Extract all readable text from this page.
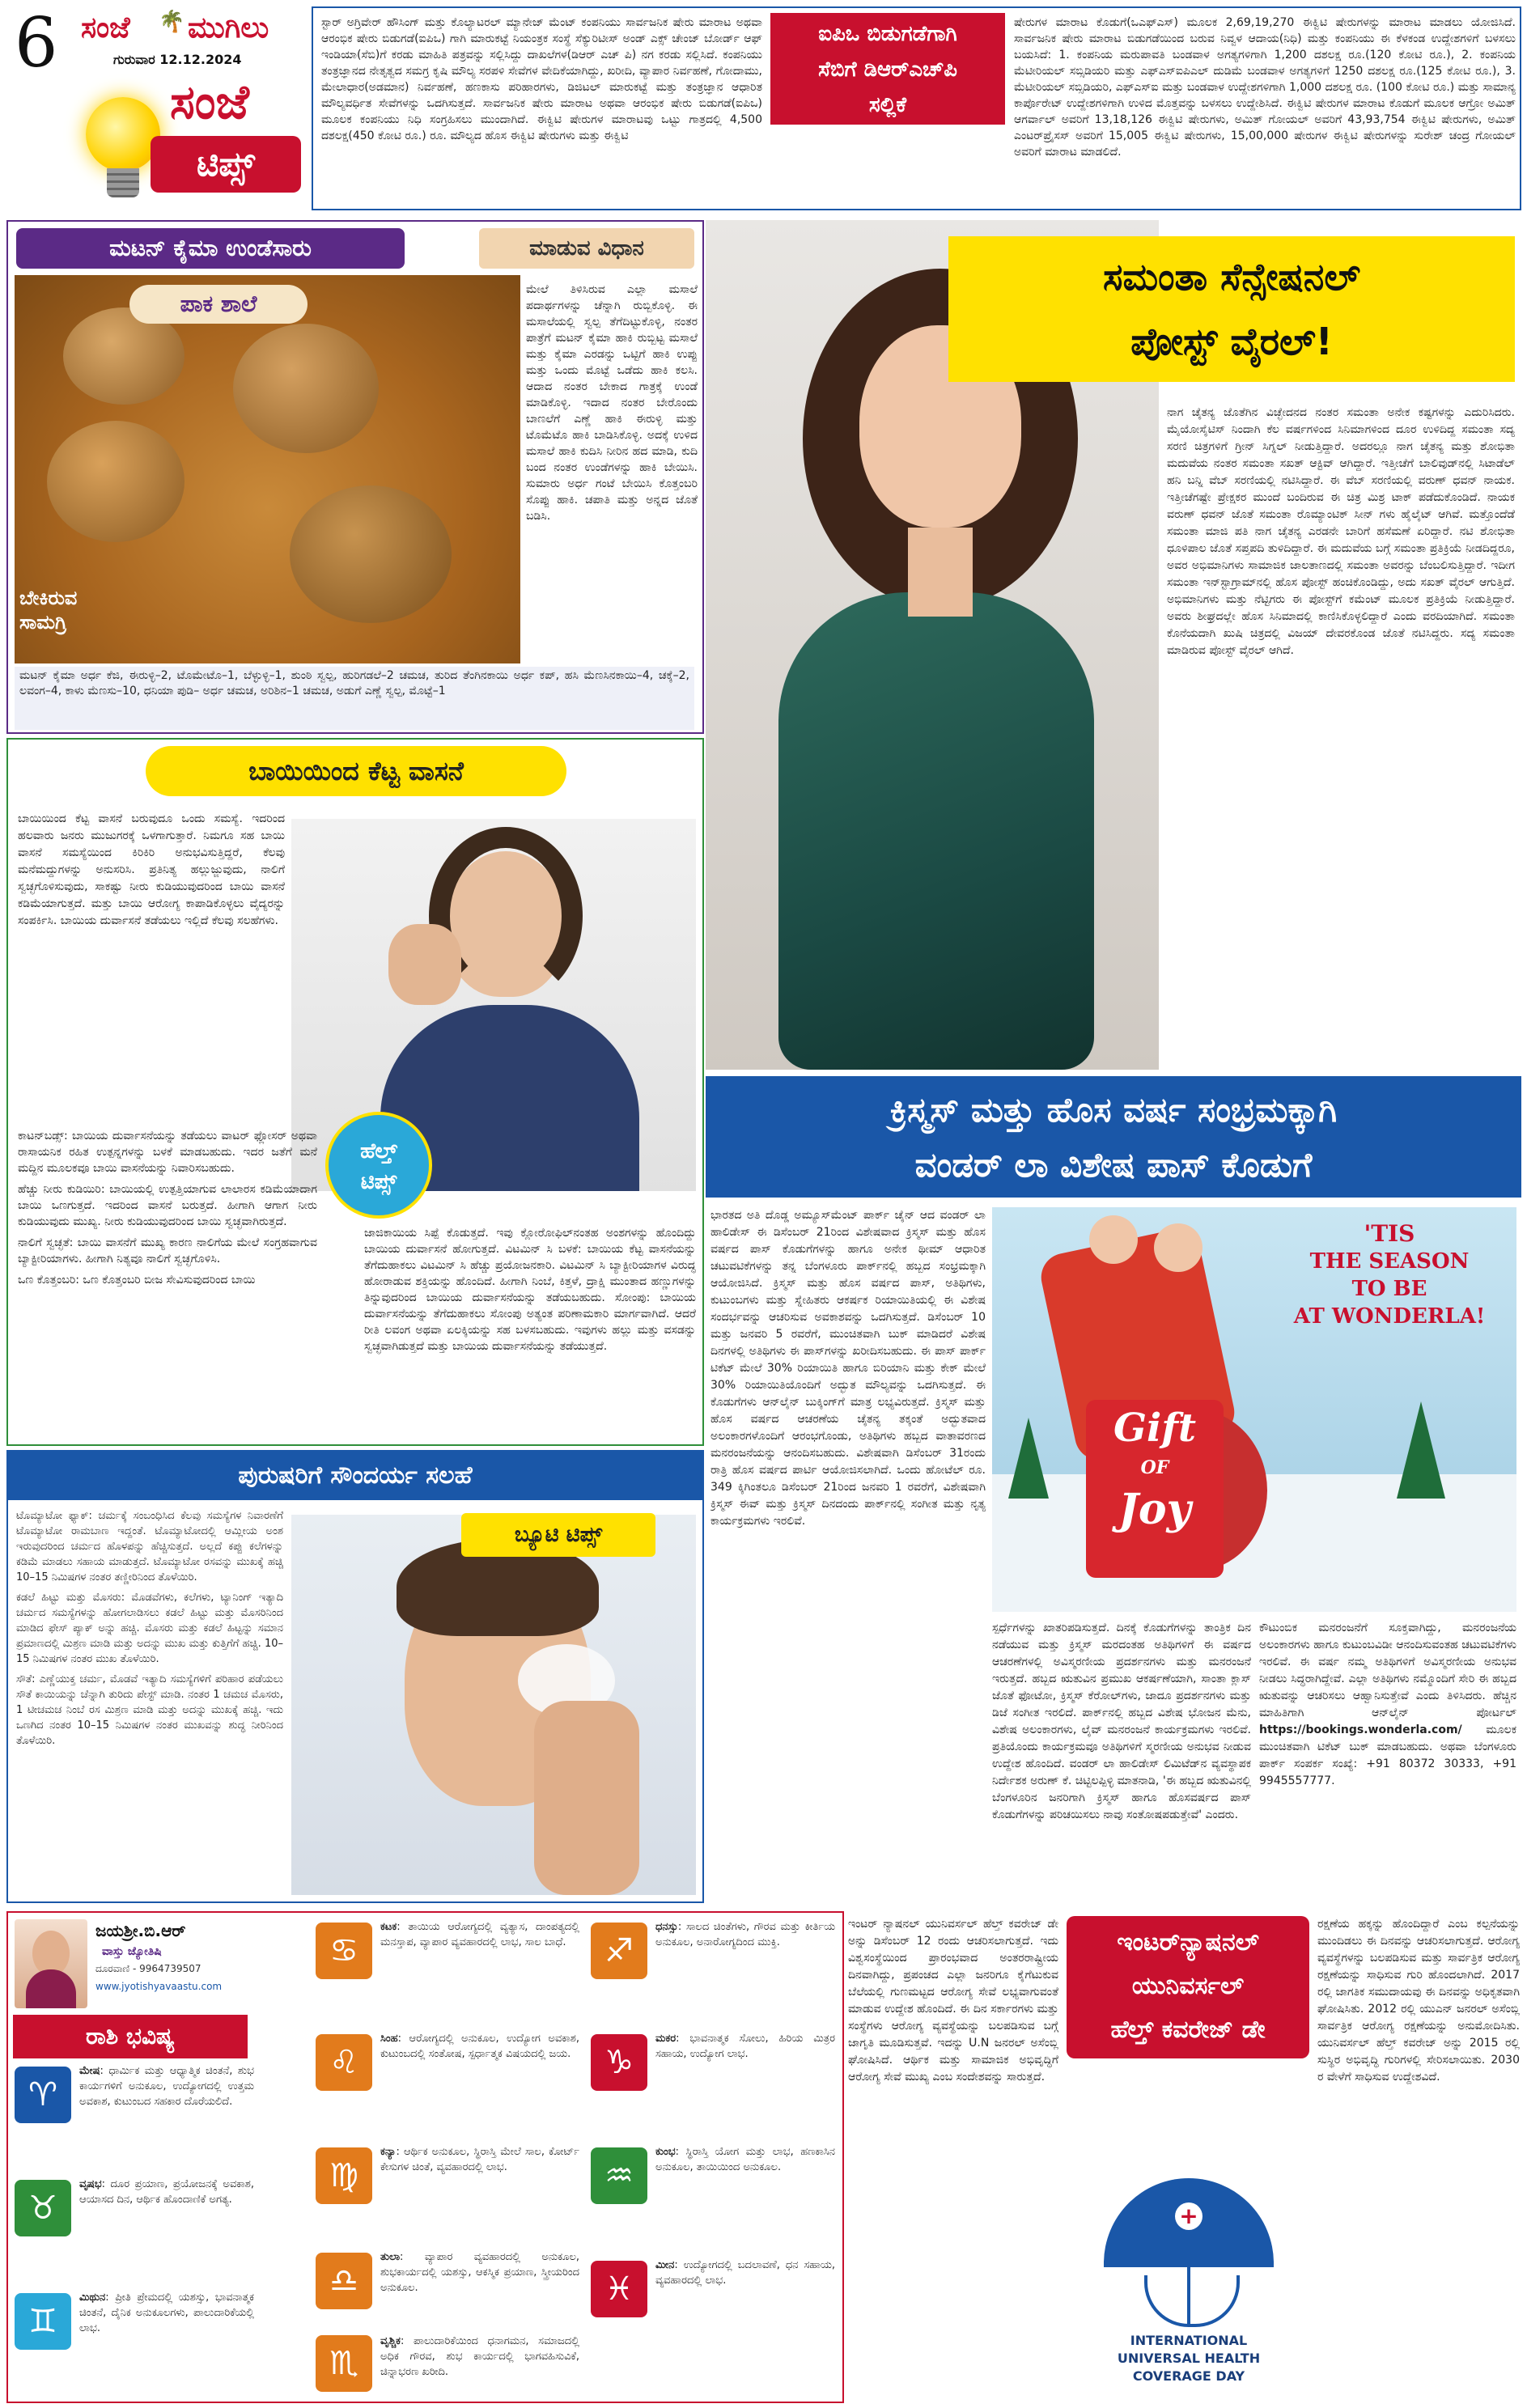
6 ಸಂಜೆ 🌴 ಮುಗಿಲು
ಗುರುವಾರ 12.12.2024
ಸಂಜೆ
ಟಿಪ್ಸ್
ಸ್ಟಾರ್ ಅಗ್ರಿವೇರ್ ಹೌಸಿಂಗ್ ಮತ್ತು ಕೊಲ್ಯಾಟರಲ್ ಮ್ಯಾನೇಜ್ ಮೆಂಟ್ ಕಂಪನಿಯು ಸಾರ್ವಜನಿಕ ಷೇರು ಮಾರಾಟ ಅಥವಾ ಆರಂಭಿಕ ಷೇರು ಬಿಡುಗಡೆ(ಐಪಿಒ) ಗಾಗಿ ಮಾರುಕಟ್ಟೆ ನಿಯಂತ್ರಕ ಸಂಸ್ಥೆ ಸೆಕ್ಯುರಿಟೀಸ್ ಅಂಡ್ ಎಕ್ಸ್ ಚೇಂಜ್ ಬೋರ್ಡ್ ಆಫ್ ಇಂಡಿಯಾ(ಸೆಬಿ)ಗೆ ಕರಡು ಮಾಹಿತಿ ಪತ್ರವನ್ನು ಸಲ್ಲಿಸಿದ್ದು ದಾಖಲೆಗಳ(ಡಿಆರ್ ಎಚ್ ಪಿ) ನಗ ಕರಡು ಸಲ್ಲಿಸಿದೆ. ಕಂಪನಿಯು ತಂತ್ರಜ್ಞಾನದ ನೇತೃತ್ವದ ಸಮಗ್ರ ಕೃಷಿ ಮೌಲ್ಯ ಸರಪಳಿ ಸೇವೆಗಳ ವೇದಿಕೆಯಾಗಿದ್ದು, ಖರೀದಿ, ವ್ಯಾಪಾರ ನಿರ್ವಹಣೆ, ಗೋದಾಮು, ಮೇಲಾಧಾರ(ಅಡಮಾನ) ನಿರ್ವಹಣೆ, ಹಣಕಾಸು ಪರಿಹಾರಗಳು, ಡಿಜಿಟಲ್ ಮಾರುಕಟ್ಟೆ ಮತ್ತು ತಂತ್ರಜ್ಞಾನ ಆಧಾರಿತ ಮೌಲ್ಯವರ್ಧಿತ ಸೇವೆಗಳನ್ನು ಒದಗಿಸುತ್ತದೆ. ಸಾರ್ವಜನಿಕ ಷೇರು ಮಾರಾಟ ಅಥವಾ ಆರಂಭಿಕ ಷೇರು ಬಿಡುಗಡೆ(ಐಪಿಒ) ಮೂಲಕ ಕಂಪನಿಯು ನಿಧಿ ಸಂಗ್ರಹಿಸಲು ಮುಂದಾಗಿದೆ. ಈಕ್ವಿಟಿ ಷೇರುಗಳ ಮಾರಾಟವು ಒಟ್ಟು ಗಾತ್ರದಲ್ಲಿ 4,500 ದಶಲಕ್ಷ(450 ಕೋಟಿ ರೂ.) ರೂ. ಮೌಲ್ಯದ ಹೊಸ ಈಕ್ವಿಟಿ ಷೇರುಗಳು ಮತ್ತು ಈಕ್ವಿಟಿ
ಐಪಿಒ ಬಿಡುಗಡೆಗಾಗಿ
ಸೆಬಿಗೆ ಡಿಆರ್‌ಎಚ್‌ಪಿ
ಸಲ್ಲಿಕೆ
ಷೇರುಗಳ ಮಾರಾಟ ಕೊಡುಗೆ(ಒಎಫ್ಎಸ್) ಮೂಲಕ 2,69,19,270 ಈಕ್ವಿಟಿ ಷೇರುಗಳನ್ನು ಮಾರಾಟ ಮಾಡಲು ಯೋಜಿಸಿದೆ. ಸಾರ್ವಜನಿಕ ಷೇರು ಮಾರಾಟ ಬಿಡುಗಡೆಯಿಂದ ಬರುವ ನಿವ್ವಳ ಆದಾಯ(ನಿಧಿ) ಮತ್ತು ಕಂಪನಿಯು ಈ ಕೆಳಕಂಡ ಉದ್ದೇಶಗಳಿಗೆ ಬಳಸಲು ಬಯಸಿದೆ: 1. ಕಂಪನಿಯ ಮರುಪಾವತಿ ಬಂಡವಾಳ ಅಗತ್ಯಗಳಿಗಾಗಿ 1,200 ದಶಲಕ್ಷ ರೂ.(120 ಕೋಟಿ ರೂ.), 2. ಕಂಪನಿಯ ಮೆಟೀರಿಯಲ್ ಸಬ್ಸಿಡಿಯರಿ ಮತ್ತು ಎಫ್‌ಎಸ್‌ಐಪಿಎಲ್ ದುಡಿಮೆ ಬಂಡವಾಳ ಅಗತ್ಯಗಳಿಗೆ 1250 ದಶಲಕ್ಷ ರೂ.(125 ಕೋಟಿ ರೂ.), 3. ಮೆಟೀರಿಯಲ್ ಸಬ್ಸಿಡಿಯರಿ, ಎಫ್ಎಸ್ಐ ಮತ್ತು ಬಂಡವಾಳ ಉದ್ದೇಶಗಳಿಗಾಗಿ 1,000 ದಶಲಕ್ಷ ರೂ. (100 ಕೋಟಿ ರೂ.) ಮತ್ತು ಸಾಮಾನ್ಯ ಕಾರ್ಪೊರೇಟ್ ಉದ್ದೇಶಗಳಿಗಾಗಿ ಉಳಿದ ಮೊತ್ತವನ್ನು ಬಳಸಲು ಉದ್ದೇಶಿಸಿದೆ. ಈಕ್ವಿಟಿ ಷೇರುಗಳ ಮಾರಾಟ ಕೊಡುಗೆ ಮೂಲಕ ಆಗ್ರೋ ಅಮಿತ್ ಆಗರ್ವಾಲ್ ಅವರಿಗೆ 13,18,126 ಈಕ್ವಿಟಿ ಷೇರುಗಳು, ಅಮಿತ್ ಗೋಯಲ್ ಅವರಿಗೆ 43,93,754 ಈಕ್ವಿಟಿ ಷೇರುಗಳು, ಅಮಿತ್ ಎಂಟರ್‌ಪ್ರೈಸಸ್ ಅವರಿಗೆ 15,005 ಈಕ್ವಿಟಿ ಷೇರುಗಳು, 15,00,000 ಷೇರುಗಳ ಈಕ್ವಿಟಿ ಷೇರುಗಳನ್ನು ಸುರೇಶ್ ಚಂದ್ರ ಗೋಯಲ್ ಅವರಿಗೆ ಮಾರಾಟ ಮಾಡಲಿದೆ.
ಮಟನ್ ಕೈಮಾ ಉಂಡೆಸಾರು	ಮಾಡುವ ವಿಧಾನ
ಪಾಕ ಶಾಲೆ
ಬೇಕಿರುವ
ಸಾಮಗ್ರಿ
ಮೇಲೆ ತಿಳಿಸಿರುವ ಎಲ್ಲಾ ಮಸಾಲೆ ಪದಾರ್ಥಗಳನ್ನು ಚೆನ್ನಾಗಿ ರುಬ್ಬಿಕೊಳ್ಳಿ. ಈ ಮಸಾಲೆಯಲ್ಲಿ ಸ್ವಲ್ಪ ತೆಗೆದಿಟ್ಟುಕೊಳ್ಳಿ, ನಂತರ ಪಾತ್ರೆಗೆ ಮಟನ್ ಕೈಮಾ ಹಾಕಿ ರುಬ್ಬಿಟ್ಟ ಮಸಾಲೆ ಮತ್ತು ಕೈಮಾ ಎರಡನ್ನು ಒಟ್ಟಿಗೆ ಹಾಕಿ ಉಪ್ಪು ಮತ್ತು ಒಂದು ಮೊಟ್ಟೆ ಒಡೆದು ಹಾಕಿ ಕಲಸಿ. ಆದಾದ ನಂತರ ಬೇಕಾದ ಗಾತ್ರಕ್ಕೆ ಉಂಡೆ ಮಾಡಿಕೊಳ್ಳಿ. ಇದಾದ ನಂತರ ಬೇರೊಂದು ಬಾಣಲೆಗೆ ಎಣ್ಣೆ ಹಾಕಿ ಈರುಳ್ಳಿ ಮತ್ತು ಟೊಮೆಟೊ ಹಾಕಿ ಬಾಡಿಸಿಕೊಳ್ಳಿ. ಅದಕ್ಕೆ ಉಳಿದ ಮಸಾಲೆ ಹಾಕಿ ಕುದಿಸಿ ನೀರಿನ ಹದ ಮಾಡಿ, ಕುದಿ ಬಂದ ನಂತರ ಉಂಡೆಗಳನ್ನು ಹಾಕಿ ಬೇಯಿಸಿ. ಸುಮಾರು ಅರ್ಧ ಗಂಟೆ ಬೇಯಿಸಿ ಕೊತ್ತಂಬರಿ ಸೊಪ್ಪು ಹಾಕಿ. ಚಪಾತಿ ಮತ್ತು ಅನ್ನದ ಜೊತೆ ಬಡಿಸಿ.
ಮಟನ್ ಕೈಮಾ ಅರ್ಧ ಕೆಜಿ, ಈರುಳ್ಳಿ–2, ಟೊಮೇಟೊ–1, ಬೆಳ್ಳುಳ್ಳಿ–1, ಶುಂಠಿ ಸ್ವಲ್ಪ, ಹುರಿಗಡಲೆ–2 ಚಮಚ, ತುರಿದ ತೆಂಗಿನಕಾಯಿ ಅರ್ಧ ಕಪ್, ಹಸಿ ಮೆಣಸಿನಕಾಯಿ–4, ಚಕ್ಕೆ–2, ಲವಂಗ–4, ಕಾಳು ಮೆಣಸು–10, ಧನಿಯಾ ಪುಡಿ– ಅರ್ಧ ಚಮಚ, ಅರಿಶಿನ–1 ಚಮಚ, ಅಡುಗೆ ಎಣ್ಣೆ ಸ್ವಲ್ಪ, ಮೊಟ್ಟೆ–1
ಬಾಯಿಯಿಂದ ಕೆಟ್ಟ ವಾಸನೆ
ಬಾಯಿಯಿಂದ ಕೆಟ್ಟ ವಾಸನೆ ಬರುವುದೂ ಒಂದು ಸಮಸ್ಯೆ. ಇದರಿಂದ ಹಲವಾರು ಜನರು ಮುಜುಗರಕ್ಕೆ ಒಳಗಾಗುತ್ತಾರೆ. ನಿಮಗೂ ಸಹ ಬಾಯಿ ವಾಸನೆ ಸಮಸ್ಯೆಯಿಂದ ಕಿರಿಕಿರಿ ಅನುಭವಿಸುತ್ತಿದ್ದರೆ, ಕೆಲವು ಮನೆಮದ್ದುಗಳನ್ನು ಅನುಸರಿಸಿ. ಪ್ರತಿನಿತ್ಯ ಹಲ್ಲುಜ್ಜುವುದು, ನಾಲಿಗೆ ಸ್ವಚ್ಛಗೊಳಿಸುವುದು, ಸಾಕಷ್ಟು ನೀರು ಕುಡಿಯುವುದರಿಂದ ಬಾಯಿ ವಾಸನೆ ಕಡಿಮೆಯಾಗುತ್ತದೆ. ಮತ್ತು ಬಾಯಿ ಆರೋಗ್ಯ ಕಾಪಾಡಿಕೊಳ್ಳಲು ವೈದ್ಯರನ್ನು ಸಂಪರ್ಕಿಸಿ. ಬಾಯಿಯ ದುರ್ವಾಸನೆ ತಡೆಯಲು ಇಲ್ಲಿದೆ ಕೆಲವು ಸಲಹೆಗಳು.
ಹೆಲ್ತ್
ಟಿಪ್ಸ್

ಕಾಟನ್‌ಬಡ್ಸ್: ಬಾಯಿಯ ದುರ್ವಾಸನೆಯನ್ನು ತಡೆಯಲು ವಾಟರ್ ಫ್ಲೋಸರ್ ಅಥವಾ ರಾಸಾಯನಿಕ ರಹಿತ ಉತ್ಪನ್ನಗಳನ್ನು ಬಳಕೆ ಮಾಡಬಹುದು. ಇದರ ಜತೆಗೆ ಮನೆ ಮದ್ದಿನ ಮೂಲಕವೂ ಬಾಯಿ ವಾಸನೆಯನ್ನು ನಿವಾರಿಸಬಹುದು.

ಹೆಚ್ಚು ನೀರು ಕುಡಿಯಿರಿ: ಬಾಯಿಯಲ್ಲಿ ಉತ್ಪತ್ತಿಯಾಗುವ ಲಾಲಾರಸ ಕಡಿಮೆಯಾದಾಗ ಬಾಯಿ ಒಣಗುತ್ತದೆ. ಇದರಿಂದ ವಾಸನೆ ಬರುತ್ತದೆ. ಹೀಗಾಗಿ ಆಗಾಗ ನೀರು ಕುಡಿಯುವುದು ಮುಖ್ಯ. ನೀರು ಕುಡಿಯುವುದರಿಂದ ಬಾಯಿ ಸ್ವಚ್ಛವಾಗಿರುತ್ತದೆ.

ನಾಲಿಗೆ ಸ್ವಚ್ಛತೆ: ಬಾಯಿ ವಾಸನೆಗೆ ಮುಖ್ಯ ಕಾರಣ ನಾಲಿಗೆಯ ಮೇಲೆ ಸಂಗ್ರಹವಾಗುವ ಬ್ಯಾಕ್ಟೀರಿಯಾಗಳು. ಹೀಗಾಗಿ ನಿತ್ಯವೂ ನಾಲಿಗೆ ಸ್ವಚ್ಛಗೊಳಿಸಿ.

ಒಣ ಕೊತ್ತಂಬರಿ: ಒಣ ಕೊತ್ತಂಬರಿ ಬೀಜ ಸೇವಿಸುವುದರಿಂದ ಬಾಯಿ

ಜಾಜಿಕಾಯಿಯ ಸಿಪ್ಪೆ ಕೊಡುತ್ತದೆ. ಇವು ಕ್ಲೋರೋಫಿಲ್‌ನಂತಹ ಅಂಶಗಳನ್ನು ಹೊಂದಿದ್ದು ಬಾಯಿಯ ದುರ್ವಾಸನೆ ಹೋಗುತ್ತದೆ. ವಿಟಮಿನ್ ಸಿ ಬಳಕೆ: ಬಾಯಿಯ ಕೆಟ್ಟ ವಾಸನೆಯನ್ನು ತೆಗೆದುಹಾಕಲು ವಿಟಮಿನ್ ಸಿ ಹೆಚ್ಚು ಪ್ರಯೋಜನಕಾರಿ. ವಿಟಮಿನ್ ಸಿ ಬ್ಯಾಕ್ಟೀರಿಯಾಗಳ ವಿರುದ್ಧ ಹೋರಾಡುವ ಶಕ್ತಿಯನ್ನು ಹೊಂದಿದೆ. ಹೀಗಾಗಿ ನಿಂಬೆ, ಕಿತ್ತಳೆ, ದ್ರಾಕ್ಷಿ ಮುಂತಾದ ಹಣ್ಣುಗಳನ್ನು ತಿನ್ನುವುದರಿಂದ ಬಾಯಿಯ ದುರ್ವಾಸನೆಯನ್ನು ತಡೆಯಬಹುದು. ಸೋಂಪು: ಬಾಯಿಯ ದುರ್ವಾಸನೆಯನ್ನು ತೆಗೆದುಹಾಕಲು ಸೋಂಪು ಅತ್ಯಂತ ಪರಿಣಾಮಕಾರಿ ಮಾರ್ಗವಾಗಿದೆ. ಆದರೆ ರೀತಿ ಲವಂಗ ಅಥವಾ ಏಲಕ್ಕಿಯನ್ನು ಸಹ ಬಳಸಬಹುದು. ಇವುಗಳು ಹಲ್ಲು ಮತ್ತು ವಸಡನ್ನು ಸ್ವಚ್ಛವಾಗಿಡುತ್ತದೆ ಮತ್ತು ಬಾಯಿಯ ದುರ್ವಾಸನೆಯನ್ನು ತಡೆಯುತ್ತದೆ.
ಪುರುಷರಿಗೆ ಸೌಂದರ್ಯ ಸಲಹೆ

ಟೊಮ್ಯಾಟೋ ಫ್ಯಾಕ್: ಚರ್ಮಕ್ಕೆ ಸಂಬಂಧಿಸಿದ ಕೆಲವು ಸಮಸ್ಯೆಗಳ ನಿವಾರಣೆಗೆ ಟೊಮ್ಯಾಟೋ ರಾಮಬಾಣ ಇದ್ದಂತೆ. ಟೊಮ್ಯಾಟೋದಲ್ಲಿ ಆಮ್ಲೀಯ ಅಂಶ ಇರುವುದರಿಂದ ಚರ್ಮದ ಹೊಳಪನ್ನು ಹೆಚ್ಚಿಸುತ್ತದೆ. ಅಲ್ಲದೆ ಕಪ್ಪು ಕಲೆಗಳನ್ನು ಕಡಿಮೆ ಮಾಡಲು ಸಹಾಯ ಮಾಡುತ್ತದೆ. ಟೊಮ್ಯಾಟೋ ರಸವನ್ನು ಮುಖಕ್ಕೆ ಹಚ್ಚಿ 10–15 ನಿಮಿಷಗಳ ನಂತರ ತಣ್ಣೀರಿನಿಂದ ತೊಳೆಯಿರಿ.

ಕಡಲೆ ಹಿಟ್ಟು ಮತ್ತು ಮೊಸರು: ಮೊಡವೆಗಳು, ಕಲೆಗಳು, ಟ್ಯಾನಿಂಗ್ ಇತ್ಯಾದಿ ಚರ್ಮದ ಸಮಸ್ಯೆಗಳನ್ನು ಹೋಗಲಾಡಿಸಲು ಕಡಲೆ ಹಿಟ್ಟು ಮತ್ತು ಮೊಸರಿನಿಂದ ಮಾಡಿದ ಫೇಸ್ ಪ್ಯಾಕ್ ಅನ್ನು ಹಚ್ಚಿ. ಮೊಸರು ಮತ್ತು ಕಡಲೆ ಹಿಟ್ಟನ್ನು ಸಮಾನ ಪ್ರಮಾಣದಲ್ಲಿ ಮಿಶ್ರಣ ಮಾಡಿ ಮತ್ತು ಅದನ್ನು ಮುಖ ಮತ್ತು ಕುತ್ತಿಗೆಗೆ ಹಚ್ಚಿ. 10–15 ನಿಮಿಷಗಳ ನಂತರ ಮುಖ ತೊಳೆಯಿರಿ.

ಸೌತೆ: ಎಣ್ಣೆಯುಕ್ತ ಚರ್ಮ, ಮೊಡವೆ ಇತ್ಯಾದಿ ಸಮಸ್ಯೆಗಳಿಗೆ ಪರಿಹಾರ ಪಡೆಯಲು ಸೌತೆ ಕಾಯಿಯನ್ನು ಚೆನ್ನಾಗಿ ತುರಿದು ಪೇಸ್ಟ್ ಮಾಡಿ. ನಂತರ 1 ಚಮಚ ಮೊಸರು, 1 ಟೀಚಮಚ ನಿಂಬೆ ರಸ ಮಿಶ್ರಣ ಮಾಡಿ ಮತ್ತು ಅದನ್ನು ಮುಖಕ್ಕೆ ಹಚ್ಚಿ. ಇದು ಒಣಗಿದ ನಂತರ 10–15 ನಿಮಿಷಗಳ ನಂತರ ಮುಖವನ್ನು ಶುದ್ಧ ನೀರಿನಿಂದ ತೊಳೆಯಿರಿ.

ಬ್ಯೂಟಿ ಟಿಪ್ಸ್
ಸಮಂತಾ ಸೆನ್ಸೇಷನಲ್
ಪೋಸ್ಟ್ ವೈರಲ್!
ನಾಗ ಚೈತನ್ಯ ಜೊತೆಗಿನ ವಿಚ್ಛೇದನದ ನಂತರ ಸಮಂತಾ ಅನೇಕ ಕಷ್ಟಗಳನ್ನು ಎದುರಿಸಿದರು. ಮೈಯೋಸೈಟಿಸ್ ನಿಂದಾಗಿ ಕೆಲ ವರ್ಷಗಳಿಂದ ಸಿನಿಮಾಗಳಿಂದ ದೂರ ಉಳಿದಿದ್ದ ಸಮಂತಾ ಸದ್ಯ ಸರಣಿ ಚಿತ್ರಗಳಿಗೆ ಗ್ರೀನ್ ಸಿಗ್ನಲ್ ನೀಡುತ್ತಿದ್ದಾರೆ. ಅದರಲ್ಲೂ ನಾಗ ಚೈತನ್ಯ ಮತ್ತು ಶೋಭಿತಾ ಮದುವೆಯ ನಂತರ ಸಮಂತಾ ಸಖತ್ ಆಕ್ಟಿವ್ ಆಗಿದ್ದಾರೆ. ಇತ್ತೀಚೆಗೆ ಬಾಲಿವುಡ್‌ನಲ್ಲಿ ಸಿಟಾಡೆಲ್ ಹನಿ ಬನ್ನಿ ವೆಬ್ ಸರಣಿಯಲ್ಲಿ ನಟಿಸಿದ್ದಾರೆ. ಈ ವೆಬ್ ಸರಣಿಯಲ್ಲಿ ವರುಣ್ ಧವನ್ ನಾಯಕ. ಇತ್ತೀಚೆಗಷ್ಟೇ ಪ್ರೇಕ್ಷಕರ ಮುಂದೆ ಬಂದಿರುವ ಈ ಚಿತ್ರ ಮಿಶ್ರ ಟಾಕ್ ಪಡೆದುಕೊಂಡಿದೆ. ನಾಯಕ ವರುಣ್ ಧವನ್ ಜೊತೆ ಸಮಂತಾ ರೊಮ್ಯಾಂಟಿಕ್ ಸೀನ್ ಗಳು ಹೈಲೈಟ್ ಆಗಿವೆ. ಮತ್ತೊಂದೆಡೆ ಸಮಂತಾ ಮಾಜಿ ಪತಿ ನಾಗ ಚೈತನ್ಯ ಎರಡನೇ ಬಾರಿಗೆ ಹಸೆಮಣೆ ಏರಿದ್ದಾರೆ. ನಟಿ ಶೋಭಿತಾ ಧೂಳಿಪಾಲ ಜೊತೆ ಸಪ್ತಪದಿ ತುಳಿದಿದ್ದಾರೆ. ಈ ಮದುವೆಯ ಬಗ್ಗೆ ಸಮಂತಾ ಪ್ರತಿಕ್ರಿಯೆ ನೀಡದಿದ್ದರೂ, ಅವರ ಅಭಿಮಾನಿಗಳು ಸಾಮಾಜಿಕ ಜಾಲತಾಣದಲ್ಲಿ ಸಮಂತಾ ಅವರನ್ನು ಬೆಂಬಲಿಸುತ್ತಿದ್ದಾರೆ. ಇದೀಗ ಸಮಂತಾ ಇನ್‌ಸ್ಟಾಗ್ರಾಮ್‌ನಲ್ಲಿ ಹೊಸ ಪೋಸ್ಟ್ ಹಂಚಿಕೊಂಡಿದ್ದು, ಅದು ಸಖತ್ ವೈರಲ್ ಆಗುತ್ತಿದೆ. ಅಭಿಮಾನಿಗಳು ಮತ್ತು ನೆಟ್ಟಿಗರು ಈ ಪೋಸ್ಟ್‌ಗೆ ಕಮೆಂಟ್ ಮೂಲಕ ಪ್ರತಿಕ್ರಿಯೆ ನೀಡುತ್ತಿದ್ದಾರೆ. ಅವರು ಶೀಘ್ರದಲ್ಲೇ ಹೊಸ ಸಿನಿಮಾದಲ್ಲಿ ಕಾಣಿಸಿಕೊಳ್ಳಲಿದ್ದಾರೆ ಎಂದು ವರದಿಯಾಗಿದೆ. ಸಮಂತಾ ಕೊನೆಯದಾಗಿ ಖುಷಿ ಚಿತ್ರದಲ್ಲಿ ವಿಜಯ್ ದೇವರಕೊಂಡ ಜೊತೆ ನಟಿಸಿದ್ದರು. ಸದ್ಯ ಸಮಂತಾ ಮಾಡಿರುವ ಪೋಸ್ಟ್ ವೈರಲ್ ಆಗಿದೆ.
ಕ್ರಿಸ್ಮಸ್ ಮತ್ತು ಹೊಸ ವರ್ಷ ಸಂಭ್ರಮಕ್ಕಾಗಿ
ವಂಡರ್ ಲಾ ವಿಶೇಷ ಪಾಸ್ ಕೊಡುಗೆ
ಭಾರತದ ಅತಿ ದೊಡ್ಡ ಅಮ್ಯೂಸ್‌ಮೆಂಟ್ ಪಾರ್ಕ್ ಚೈನ್ ಆದ ವಂಡರ್ ಲಾ ಹಾಲಿಡೇಸ್ ಈ ಡಿಸೆಂಬರ್ 21ರಿಂದ ವಿಶೇಷವಾದ ಕ್ರಿಸ್ಮಸ್ ಮತ್ತು ಹೊಸ ವರ್ಷದ ಪಾಸ್ ಕೊಡುಗೆಗಳನ್ನು ಹಾಗೂ ಅನೇಕ ಥೀಮ್ ಆಧಾರಿತ ಚಟುವಟಿಕೆಗಳನ್ನು ತನ್ನ ಬೆಂಗಳೂರು ಪಾರ್ಕ್‌ನಲ್ಲಿ ಹಬ್ಬದ ಸಂಭ್ರಮಕ್ಕಾಗಿ ಆಯೋಜಿಸಿದೆ. ಕ್ರಿಸ್ಮಸ್ ಮತ್ತು ಹೊಸ ವರ್ಷದ ಪಾಸ್, ಅತಿಥಿಗಳು, ಕುಟುಂಬಗಳು ಮತ್ತು ಸ್ನೇಹಿತರು ಆಕರ್ಷಕ ರಿಯಾಯಿತಿಯಲ್ಲಿ ಈ ವಿಶೇಷ ಸಂದರ್ಭವನ್ನು ಆಚರಿಸುವ ಅವಕಾಶವನ್ನು ಒದಗಿಸುತ್ತದೆ. ಡಿಸೆಂಬರ್ 10 ಮತ್ತು ಜನವರಿ 5 ರವರೆಗೆ, ಮುಂಚಿತವಾಗಿ ಬುಕ್ ಮಾಡಿದರೆ ವಿಶೇಷ ದಿನಗಳಲ್ಲಿ ಅತಿಥಿಗಳು ಈ ಪಾಸ್‌ಗಳನ್ನು ಖರೀದಿಸಬಹುದು. ಈ ಪಾಸ್ ಪಾರ್ಕ್ ಟಿಕೆಟ್ ಮೇಲೆ 30% ರಿಯಾಯಿತಿ ಹಾಗೂ ಬಿರಿಯಾನಿ ಮತ್ತು ಕೇಕ್ ಮೇಲೆ 30% ರಿಯಾಯಿತಿಯೊಂದಿಗೆ ಅದ್ಭುತ ಮೌಲ್ಯವನ್ನು ಒದಗಿಸುತ್ತದೆ. ಈ ಕೊಡುಗೆಗಳು ಆನ್‌ಲೈನ್ ಬುಕ್ಕಿಂಗ್‌ಗೆ ಮಾತ್ರ ಲಭ್ಯವಿರುತ್ತದೆ. ಕ್ರಿಸ್ಮಸ್ ಮತ್ತು ಹೊಸ ವರ್ಷದ ಆಚರಣೆಯ ಚೈತನ್ಯ ತಕ್ಕಂತೆ ಅದ್ಭುತವಾದ ಅಲಂಕಾರಗಳೊಂದಿಗೆ ಆರಂಭಗೊಂಡು, ಅತಿಥಿಗಳು ಹಬ್ಬದ ವಾತಾವರಣದ ಮನರಂಜನೆಯನ್ನು ಆನಂದಿಸಬಹುದು. ವಿಶೇಷವಾಗಿ ಡಿಸೆಂಬರ್ 31ರಂದು ರಾತ್ರಿ ಹೊಸ ವರ್ಷದ ಪಾರ್ಟಿ ಆಯೋಜಿಸಲಾಗಿದೆ. ಒಂದು ಹೋಟೆಲ್ ರೂ. 349 ಕ್ಕಿಗಿಂತಲೂ ಡಿಸೆಂಬರ್ 21ರಿಂದ ಜನವರಿ 1 ರವರೆಗೆ, ವಿಶೇಷವಾಗಿ ಕ್ರಿಸ್ಮಸ್ ಈವ್ ಮತ್ತು ಕ್ರಿಸ್ಮಸ್ ದಿನದಂದು ಪಾರ್ಕ್‌ನಲ್ಲಿ ಸಂಗೀತ ಮತ್ತು ನೃತ್ಯ ಕಾರ್ಯಕ್ರಮಗಳು ಇರಲಿವೆ.
'TIS
THE SEASON
TO BE
AT WONDERLA!
Gift
OF
Joy
ಸ್ಪರ್ಧೆಗಳನ್ನು ಖಾತರಿಪಡಿಸುತ್ತದೆ. ದಿನಕ್ಕೆ ಕೊಡುಗೆಗಳನ್ನು ತಾಂತ್ರಿಕ ದಿನ ನಡೆಯುವ ಮತ್ತು ಕ್ರಿಸ್ಮಸ್ ಮರದಂತಹ ಅತಿಥಿಗಳಿಗೆ ಈ ವರ್ಷದ ಆಚರಣೆಗಳಲ್ಲಿ ಅವಿಸ್ಮರಣೀಯ ಪ್ರದರ್ಶನಗಳು ಮತ್ತು ಮನರಂಜನೆ ಇರುತ್ತದೆ. ಹಬ್ಬದ ಋತುವಿನ ಪ್ರಮುಖ ಆಕರ್ಷಣೆಯಾಗಿ, ಸಾಂತಾ ಕ್ಲಾಸ್ ಜೊತೆ ಫೋಟೋ, ಕ್ರಿಸ್ಮಸ್ ಕೆರೋಲ್‌ಗಳು, ಜಾದೂ ಪ್ರದರ್ಶನಗಳು ಮತ್ತು ಡಿಜೆ ಸಂಗೀತ ಇರಲಿದೆ. ಪಾರ್ಕ್‌ನಲ್ಲಿ ಹಬ್ಬದ ವಿಶೇಷ ಭೋಜನ ಮೆನು, ವಿಶೇಷ ಅಲಂಕಾರಗಳು, ಲೈವ್ ಮನರಂಜನೆ ಕಾರ್ಯಕ್ರಮಗಳು ಇರಲಿವೆ. ಪ್ರತಿಯೊಂದು ಕಾರ್ಯಕ್ರಮವೂ ಅತಿಥಿಗಳಿಗೆ ಸ್ಮರಣೀಯ ಅನುಭವ ನೀಡುವ ಉದ್ದೇಶ ಹೊಂದಿದೆ. ವಂಡರ್ ಲಾ ಹಾಲಿಡೇಸ್ ಲಿಮಿಟೆಡ್‌ನ ವ್ಯವಸ್ಥಾಪಕ ನಿರ್ದೇಶಕ ಅರುಣ್ ಕೆ. ಚಿಟ್ಟಿಲಪ್ಪಿಳ್ಳಿ ಮಾತನಾಡಿ, 'ಈ ಹಬ್ಬದ ಋತುವಿನಲ್ಲಿ ಬೆಂಗಳೂರಿನ ಜನರಿಗಾಗಿ ಕ್ರಿಸ್ಮಸ್ ಹಾಗೂ ಹೊಸವರ್ಷದ ಪಾಸ್ ಕೊಡುಗೆಗಳನ್ನು ಪರಿಚಯಿಸಲು ನಾವು ಸಂತೋಷಪಡುತ್ತೇವೆ' ಎಂದರು.
ಕೌಟುಂಬಿಕ ಮನರಂಜನೆಗೆ ಸೂಕ್ತವಾಗಿದ್ದು, ಮನರಂಜನೆಯ ಅಲಂಕಾರಗಳು ಹಾಗೂ ಕುಟುಂಬವಿಡೀ ಆನಂದಿಸುವಂತಹ ಚಟುವಟಿಕೆಗಳು ಇರಲಿವೆ. ಈ ವರ್ಷ ನಮ್ಮ ಅತಿಥಿಗಳಿಗೆ ಅವಿಸ್ಮರಣೀಯ ಅನುಭವ ನೀಡಲು ಸಿದ್ಧರಾಗಿದ್ದೇವೆ. ಎಲ್ಲಾ ಅತಿಥಿಗಳು ನಮ್ಮೊಂದಿಗೆ ಸೇರಿ ಈ ಹಬ್ಬದ ಋತುವನ್ನು ಆಚರಿಸಲು ಆಹ್ವಾನಿಸುತ್ತೇವೆ ಎಂದು ತಿಳಿಸಿದರು. ಹೆಚ್ಚಿನ ಮಾಹಿತಿಗಾಗಿ ಆನ್‌ಲೈನ್ ಪೋರ್ಟಲ್ https://bookings.wonderla.com/ ಮೂಲಕ ಮುಂಚಿತವಾಗಿ ಟಿಕೆಟ್ ಬುಕ್ ಮಾಡಬಹುದು. ಅಥವಾ ಬೆಂಗಳೂರು ಪಾರ್ಕ್ ಸಂಪರ್ಕ ಸಂಖ್ಯೆ: +91 80372 30333, +91 9945557777.
ಜಯಶ್ರೀ.ಬಿ.ಆರ್
ವಾಸ್ತು ಜ್ಯೋತಿಷಿ
ದೂರವಾಣಿ - 9964739507
www.jyotishyavaastu.com
ರಾಶಿ ಭವಿಷ್ಯ
♈
ಮೇಷ: ಧಾರ್ಮಿಕ ಮತ್ತು ಆಧ್ಯಾತ್ಮಿಕ ಚಿಂತನೆ, ಶುಭ ಕಾರ್ಯಗಳಿಗೆ ಅನುಕೂಲ, ಉದ್ಯೋಗದಲ್ಲಿ ಉತ್ತಮ ಅವಕಾಶ, ಕುಟುಂಬದ ಸಹಕಾರ ದೊರೆಯಲಿದೆ.
♉
ವೃಷಭ: ದೂರ ಪ್ರಯಾಣ, ಪ್ರಯೋಜನಕ್ಕೆ ಅವಕಾಶ, ಆಯಾಸದ ದಿನ, ಆರ್ಥಿಕ ಹೊಂದಾಣಿಕೆ ಅಗತ್ಯ.
♊
ಮಿಥುನ: ಪ್ರೀತಿ ಪ್ರೇಮದಲ್ಲಿ ಯಶಸ್ಸು, ಭಾವನಾತ್ಮಕ ಚಿಂತನೆ, ದೈನಿಕ ಅನುಕೂಲಗಳು, ಪಾಲುದಾರಿಕೆಯಲ್ಲಿ ಲಾಭ.
♋
ಕಟಕ: ತಾಯಿಯ ಆರೋಗ್ಯದಲ್ಲಿ ವ್ಯತ್ಯಾಸ, ದಾಂಪತ್ಯದಲ್ಲಿ ಮನಸ್ತಾಪ, ವ್ಯಾಪಾರ ವ್ಯವಹಾರದಲ್ಲಿ ಲಾಭ, ಸಾಲ ಬಾಧೆ.
♌
ಸಿಂಹ: ಆರೋಗ್ಯದಲ್ಲಿ ಅನುಕೂಲ, ಉದ್ಯೋಗ ಅವಕಾಶ, ಕುಟುಂಬದಲ್ಲಿ ಸಂತೋಷ, ಸ್ಪರ್ಧಾತ್ಮಕ ವಿಷಯದಲ್ಲಿ ಜಯ.
♍
ಕನ್ಯಾ: ಆರ್ಥಿಕ ಅನುಕೂಲ, ಸ್ಥಿರಾಸ್ತಿ ಮೇಲೆ ಸಾಲ, ಕೋರ್ಟ್ ಕೇಸುಗಳ ಚಿಂತೆ, ವ್ಯವಹಾರದಲ್ಲಿ ಲಾಭ.
♎
ತುಲಾ: ವ್ಯಾಪಾರ ವ್ಯವಹಾರದಲ್ಲಿ ಅನುಕೂಲ, ಶುಭಕಾರ್ಯದಲ್ಲಿ ಯಶಸ್ಸು, ಆಕಸ್ಮಿಕ ಪ್ರಯಾಣ, ಸ್ತ್ರೀಯರಿಂದ ಅನುಕೂಲ.
♏
ವೃಶ್ಚಿಕ: ಪಾಲುದಾರಿಕೆಯಿಂದ ಧನಾಗಮನ, ಸಮಾಜದಲ್ಲಿ ಅಧಿಕ ಗೌರವ, ಶುಭ ಕಾರ್ಯದಲ್ಲಿ ಭಾಗವಹಿಸುವಿಕೆ, ಚಿನ್ನಾಭರಣ ಖರೀದಿ.
♐
ಧನಸ್ಸು: ಸಾಲದ ಚಿಂತೆಗಳು, ಗೌರವ ಮತ್ತು ಕೀರ್ತಿಯ ಅನುಕೂಲ, ಅನಾರೋಗ್ಯದಿಂದ ಮುಕ್ತಿ.
♑
ಮಕರ: ಭಾವನಾತ್ಮಕ ಸೋಲು, ಹಿರಿಯ ಮಿತ್ರರ ಸಹಾಯ, ಉದ್ಯೋಗ ಲಾಭ.
♒
ಕುಂಭ: ಸ್ಥಿರಾಸ್ತಿ ಯೋಗ ಮತ್ತು ಲಾಭ, ಹಣಕಾಸಿನ ಅನುಕೂಲ, ತಾಯಿಯಿಂದ ಅನುಕೂಲ.
♓
ಮೀನ: ಉದ್ಯೋಗದಲ್ಲಿ ಬದಲಾವಣೆ, ಧನ ಸಹಾಯ, ವ್ಯವಹಾರದಲ್ಲಿ ಲಾಭ.
ಇಂಟರ್ ನ್ಯಾಷನಲ್ ಯುನಿವರ್ಸಲ್ ಹೆಲ್ತ್ ಕವರೇಜ್ ಡೇ ಅನ್ನು ಡಿಸೆಂಬರ್ 12 ರಂದು ಆಚರಿಸಲಾಗುತ್ತದೆ. ಇದು ವಿಶ್ವಸಂಸ್ಥೆಯಿಂದ ಪ್ರಾರಂಭವಾದ ಅಂತರರಾಷ್ಟ್ರೀಯ ದಿನವಾಗಿದ್ದು, ಪ್ರಪಂಚದ ಎಲ್ಲಾ ಜನರಿಗೂ ಕೈಗೆಟುಕುವ ಬೆಲೆಯಲ್ಲಿ ಗುಣಮಟ್ಟದ ಆರೋಗ್ಯ ಸೇವೆ ಲಭ್ಯವಾಗುವಂತೆ ಮಾಡುವ ಉದ್ದೇಶ ಹೊಂದಿದೆ. ಈ ದಿನ ಸರ್ಕಾರಗಳು ಮತ್ತು ಸಂಸ್ಥೆಗಳು ಆರೋಗ್ಯ ವ್ಯವಸ್ಥೆಯನ್ನು ಬಲಪಡಿಸುವ ಬಗ್ಗೆ ಜಾಗೃತಿ ಮೂಡಿಸುತ್ತವೆ. ಇದನ್ನು U.N ಜನರಲ್ ಅಸೆಂಬ್ಲಿ ಘೋಷಿಸಿದೆ. ಆರ್ಥಿಕ ಮತ್ತು ಸಾಮಾಜಿಕ ಅಭಿವೃದ್ಧಿಗೆ ಆರೋಗ್ಯ ಸೇವೆ ಮುಖ್ಯ ಎಂಬ ಸಂದೇಶವನ್ನು ಸಾರುತ್ತದೆ.
ಇಂಟರ್‌ನ್ಯಾಷನಲ್
ಯುನಿವರ್ಸಲ್
ಹೆಲ್ತ್ ಕವರೇಜ್ ಡೇ
+
INTERNATIONAL
UNIVERSAL HEALTH
COVERAGE DAY
ರಕ್ಷಣೆಯ ಹಕ್ಕನ್ನು ಹೊಂದಿದ್ದಾರೆ ಎಂಬ ಕಲ್ಪನೆಯನ್ನು ಮುಂದಿಡಲು ಈ ದಿನವನ್ನು ಆಚರಿಸಲಾಗುತ್ತದೆ. ಆರೋಗ್ಯ ವ್ಯವಸ್ಥೆಗಳನ್ನು ಬಲಪಡಿಸುವ ಮತ್ತು ಸಾರ್ವತ್ರಿಕ ಆರೋಗ್ಯ ರಕ್ಷಣೆಯನ್ನು ಸಾಧಿಸುವ ಗುರಿ ಹೊಂದಲಾಗಿದೆ. 2017 ರಲ್ಲಿ ಜಾಗತಿಕ ಸಮುದಾಯವು ಈ ದಿನವನ್ನು ಅಧಿಕೃತವಾಗಿ ಘೋಷಿಸಿತು. 2012 ರಲ್ಲಿ ಯುಎನ್ ಜನರಲ್ ಅಸೆಂಬ್ಲಿ ಸಾರ್ವತ್ರಿಕ ಆರೋಗ್ಯ ರಕ್ಷಣೆಯನ್ನು ಅನುಮೋದಿಸಿತು. ಯುನಿವರ್ಸಲ್ ಹೆಲ್ತ್ ಕವರೇಜ್ ಅನ್ನು 2015 ರಲ್ಲಿ ಸುಸ್ಥಿರ ಅಭಿವೃದ್ಧಿ ಗುರಿಗಳಲ್ಲಿ ಸೇರಿಸಲಾಯಿತು. 2030 ರ ವೇಳೆಗೆ ಸಾಧಿಸುವ ಉದ್ದೇಶವಿದೆ.
